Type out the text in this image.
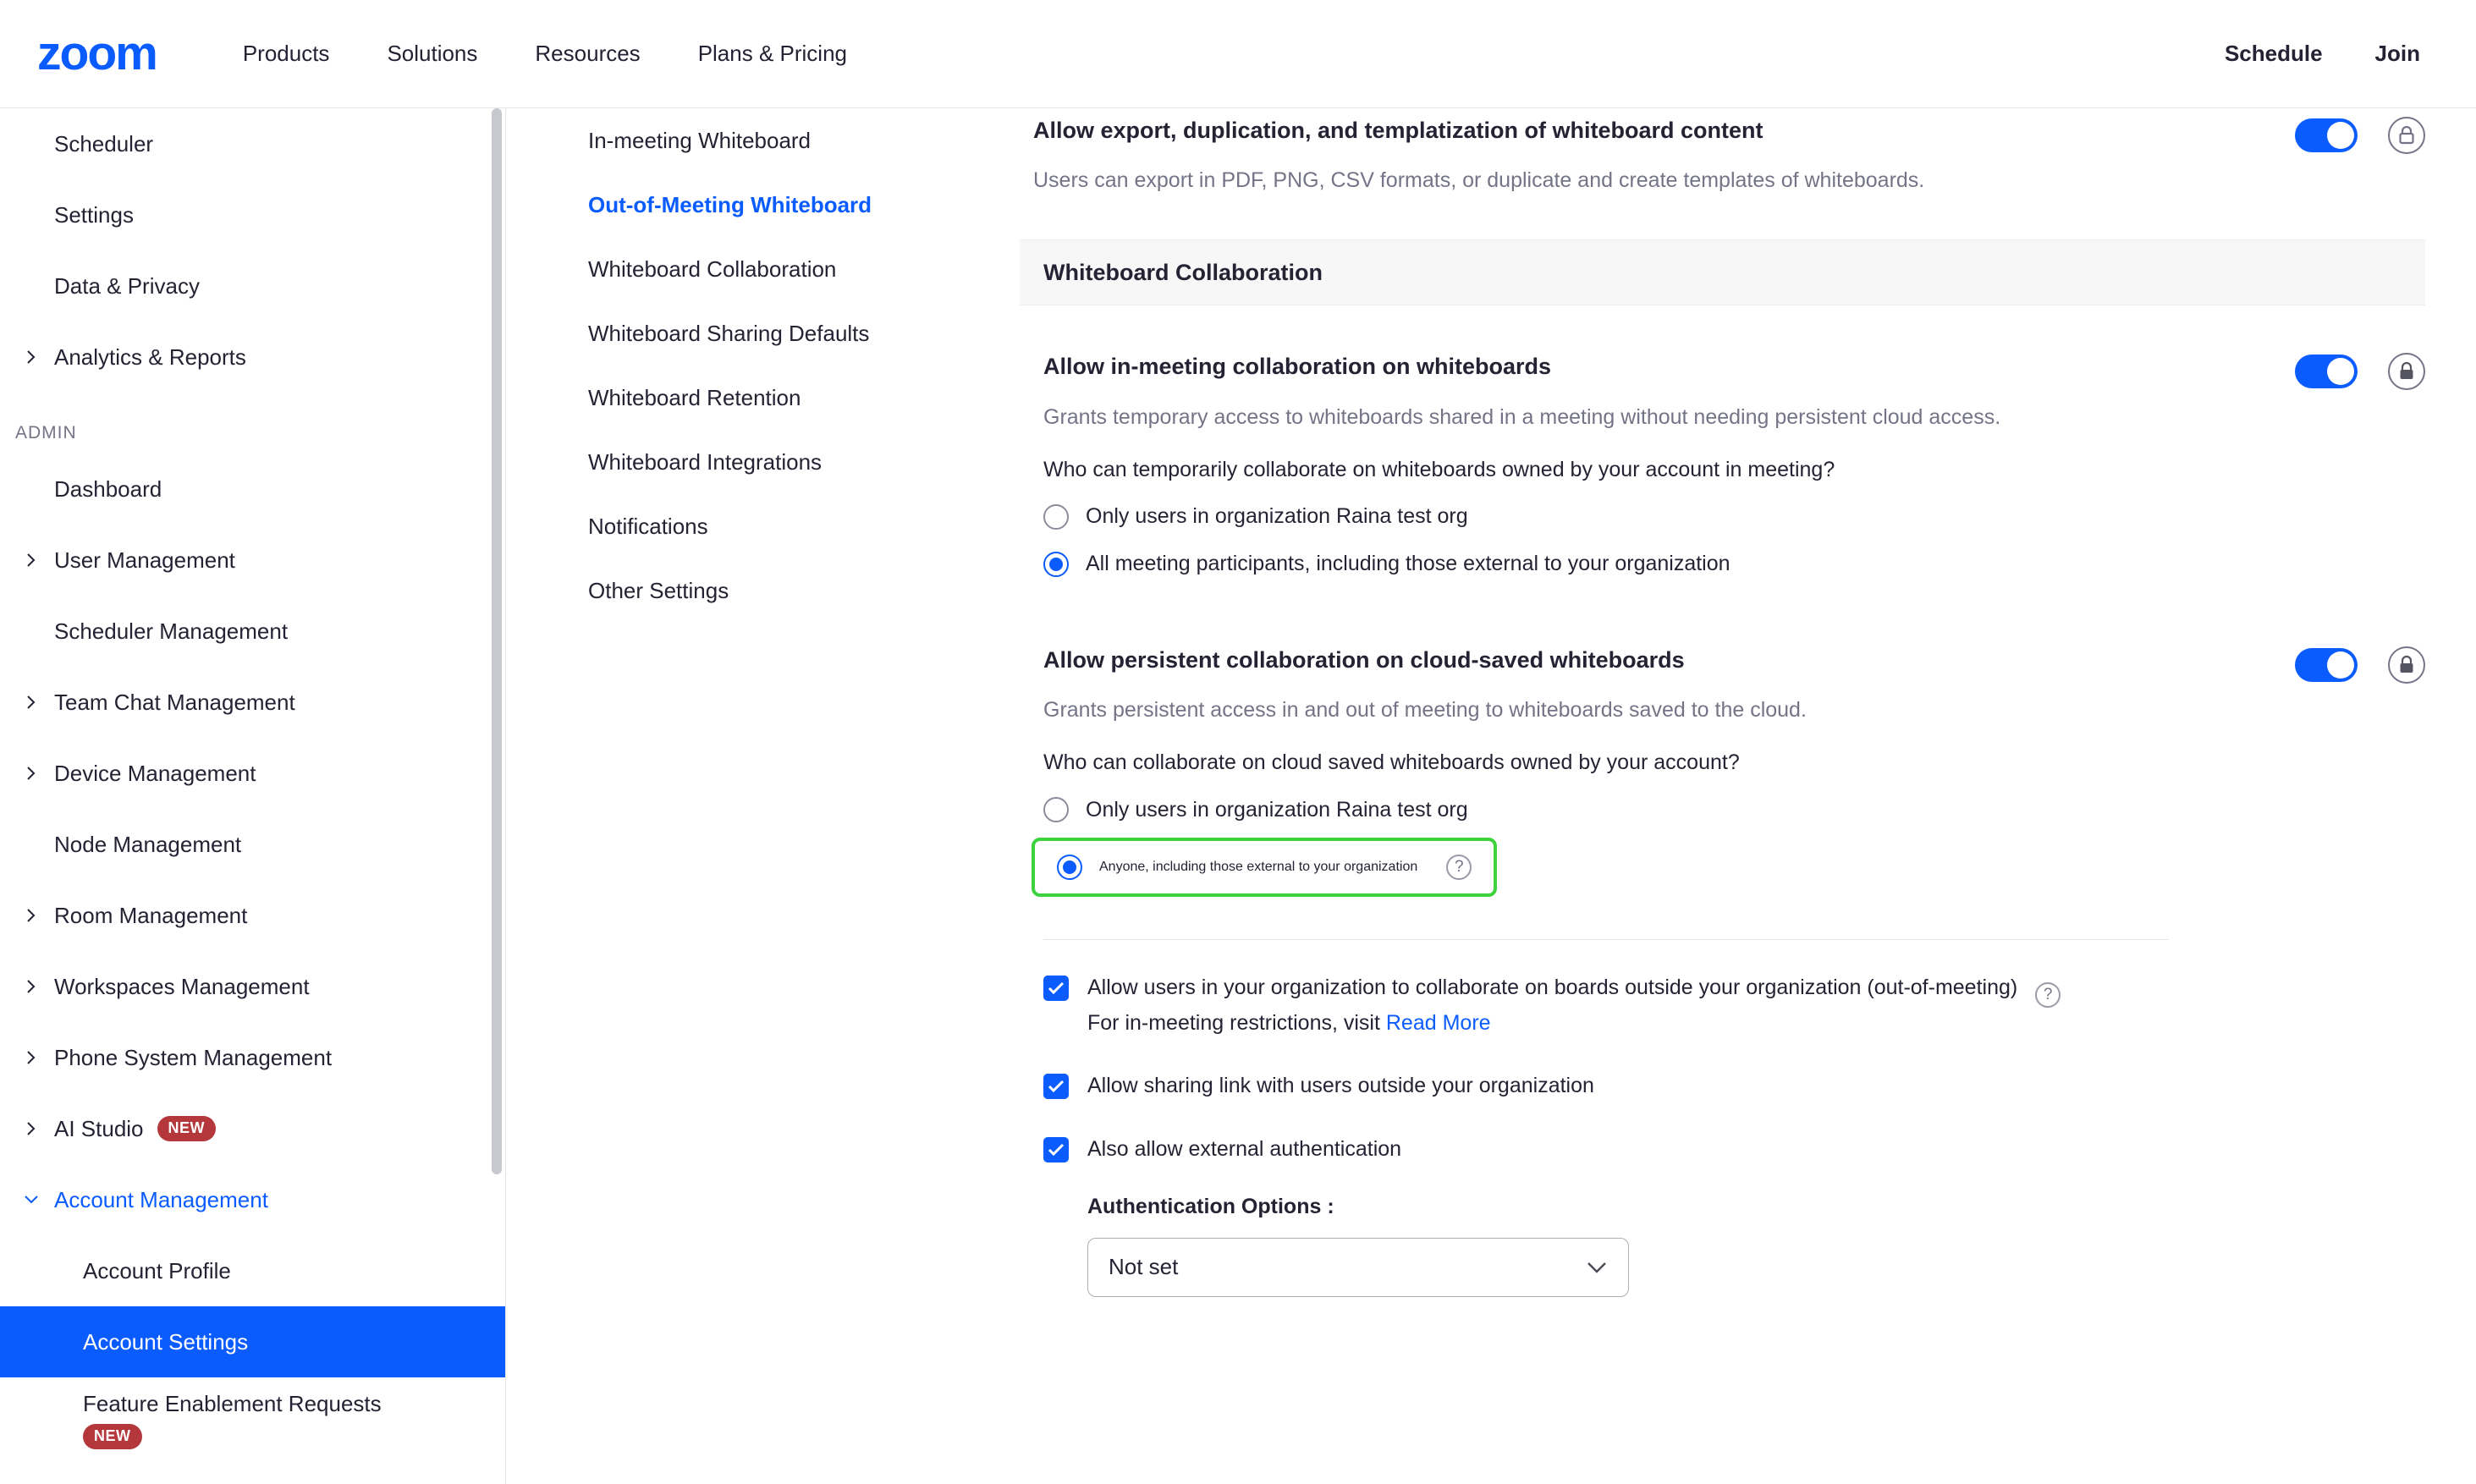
zoom	Products	Solutions	Resources	Plans & Pricing	Schedule Join
Scheduler
Settings
Data & Privacy
Analytics & Reports
ADMIN
Dashboard
User Management
Scheduler Management
Team Chat Management
Device Management
Node Management
Room Management
Workspaces Management
Phone System Management
AI Studio	NEW
Account Management
Account Profile
Account Settings
Feature Enablement Requests
NEW
In-meeting Whiteboard
Out-of-Meeting Whiteboard
Whiteboard Collaboration
Whiteboard Sharing Defaults
Whiteboard Retention
Whiteboard Integrations
Notifications
Other Settings
Allow export, duplication, and templatization of whiteboard content
Users can export in PDF, PNG, CSV formats, or duplicate and create templates of whiteboards.
Whiteboard Collaboration
Allow in-meeting collaboration on whiteboards
Grants temporary access to whiteboards shared in a meeting without needing persistent cloud access.
Who can temporarily collaborate on whiteboards owned by your account in meeting?
Only users in organization Raina test org
All meeting participants, including those external to your organization
Allow persistent collaboration on cloud-saved whiteboards
Grants persistent access in and out of meeting to whiteboards saved to the cloud.
Who can collaborate on cloud saved whiteboards owned by your account?
Only users in organization Raina test org
Anyone, including those external to your organization	?
Allow users in your organization to collaborate on boards outside your organization (out-of-meeting) ?
For in-meeting restrictions, visit Read More
Allow sharing link with users outside your organization
Also allow external authentication
Authentication Options :
Not set
